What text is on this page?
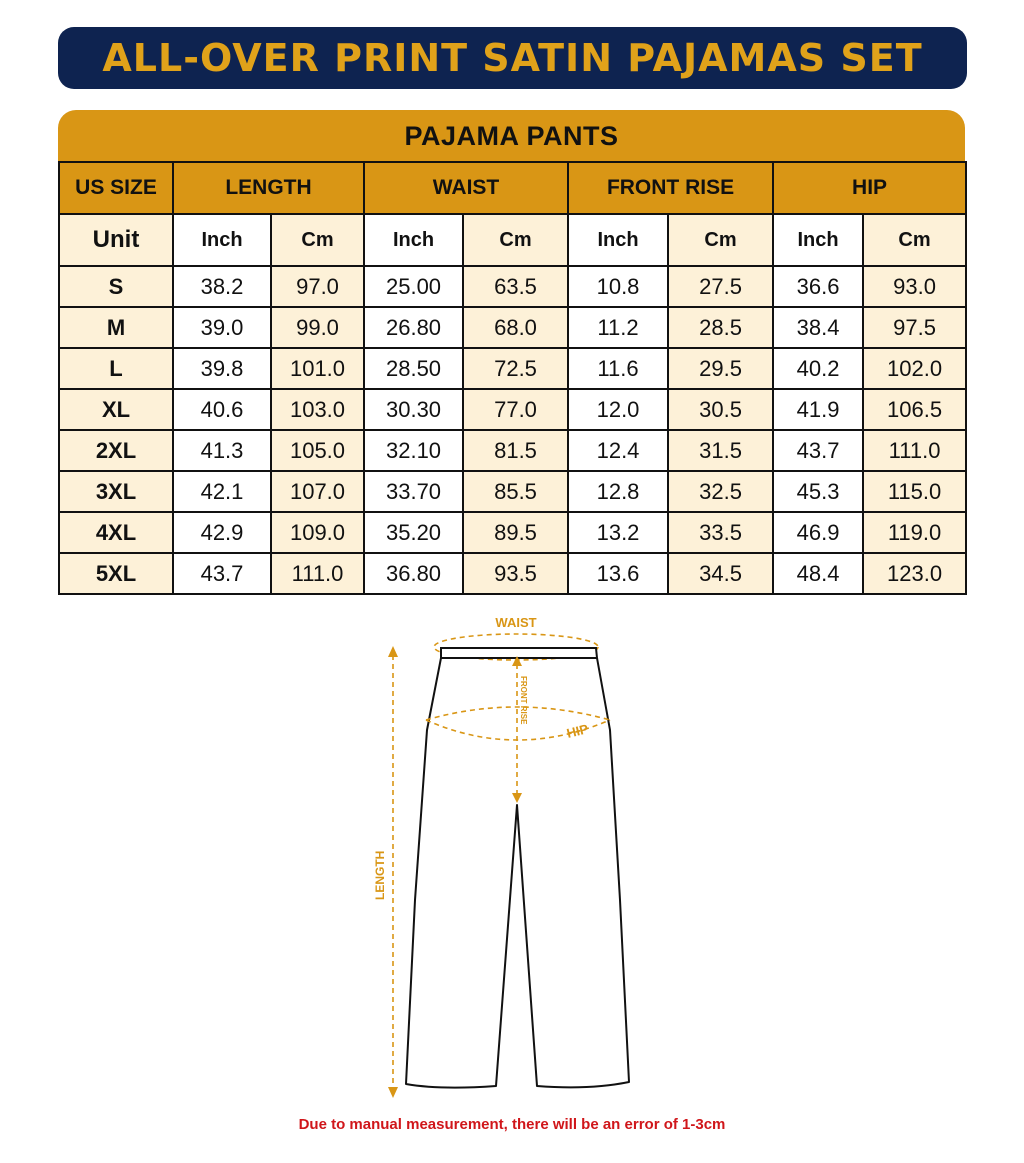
ALL-OVER PRINT SATIN PAJAMAS SET
PAJAMA PANTS
US SIZE	LENGTH		WAIST		FRONT RISE		HIP	
Unit	Inch	Cm	Inch	Cm	Inch	Cm	Inch	Cm
S	38.2	97.0	25.00	63.5	10.8	27.5	36.6	93.0
M	39.0	99.0	26.80	68.0	11.2	28.5	38.4	97.5
L	39.8	101.0	28.50	72.5	11.6	29.5	40.2	102.0
XL	40.6	103.0	30.30	77.0	12.0	30.5	41.9	106.5
2XL	41.3	105.0	32.10	81.5	12.4	31.5	43.7	111.0
3XL	42.1	107.0	33.70	85.5	12.8	32.5	45.3	115.0
4XL	42.9	109.0	35.20	89.5	13.2	33.5	46.9	119.0
5XL	43.7	111.0	36.80	93.5	13.6	34.5	48.4	123.0
WAIST
FRONT RISE
HIP
LENGTH
Due to manual measurement, there will be an error of 1-3cm
